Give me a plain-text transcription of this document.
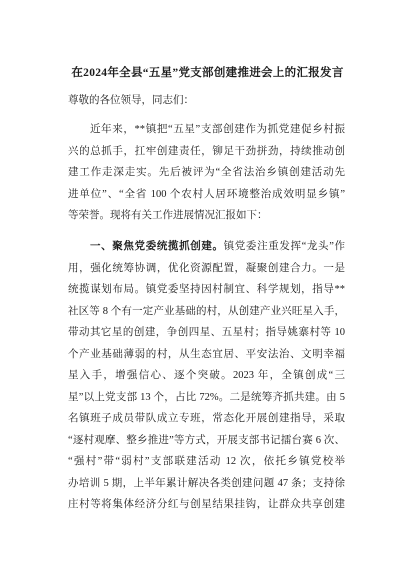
在2024年全县“五星”党支部创建推进会上的汇报发言
尊敬的各位领导，同志们：
近年来，**镇把“五星”支部创建作为抓党建促乡村振
兴的总抓手，扛牢创建责任，铆足干劲拼劲，持续推动创
建工作走深走实。先后被评为“全省法治乡镇创建活动先
进单位”、“全省 100 个农村人居环境整治成效明显乡镇”
等荣誉。现将有关工作进展情况汇报如下：
一、聚焦党委统揽抓创建。镇党委注重发挥“龙头”作
用，强化统筹协调，优化资源配置，凝聚创建合力。一是
统揽谋划布局。镇党委坚持因村制宜、科学规划，指导**
社区等 8 个有一定产业基础的村，从创建产业兴旺星入手，
带动其它星的创建，争创四星、五星村；指导姚寨村等 10
个产业基础薄弱的村，从生态宜居、平安法治、文明幸福
星入手，增强信心、逐个突破。2023 年，全镇创成“三
星”以上党支部 13 个，占比 72%。二是统筹齐抓共建。由 5
名镇班子成员带队成立专班，常态化开展创建指导，采取
“逐村观摩、整乡推进”等方式，开展支部书记擂台赛 6 次、
“强村”带“弱村”支部联建活动 12 次，依托乡镇党校举
办培训 5 期，上半年累计解决各类创建问题 47 条；支持徐
庄村等将集体经济分红与创星结果挂钩，让群众共享创建
